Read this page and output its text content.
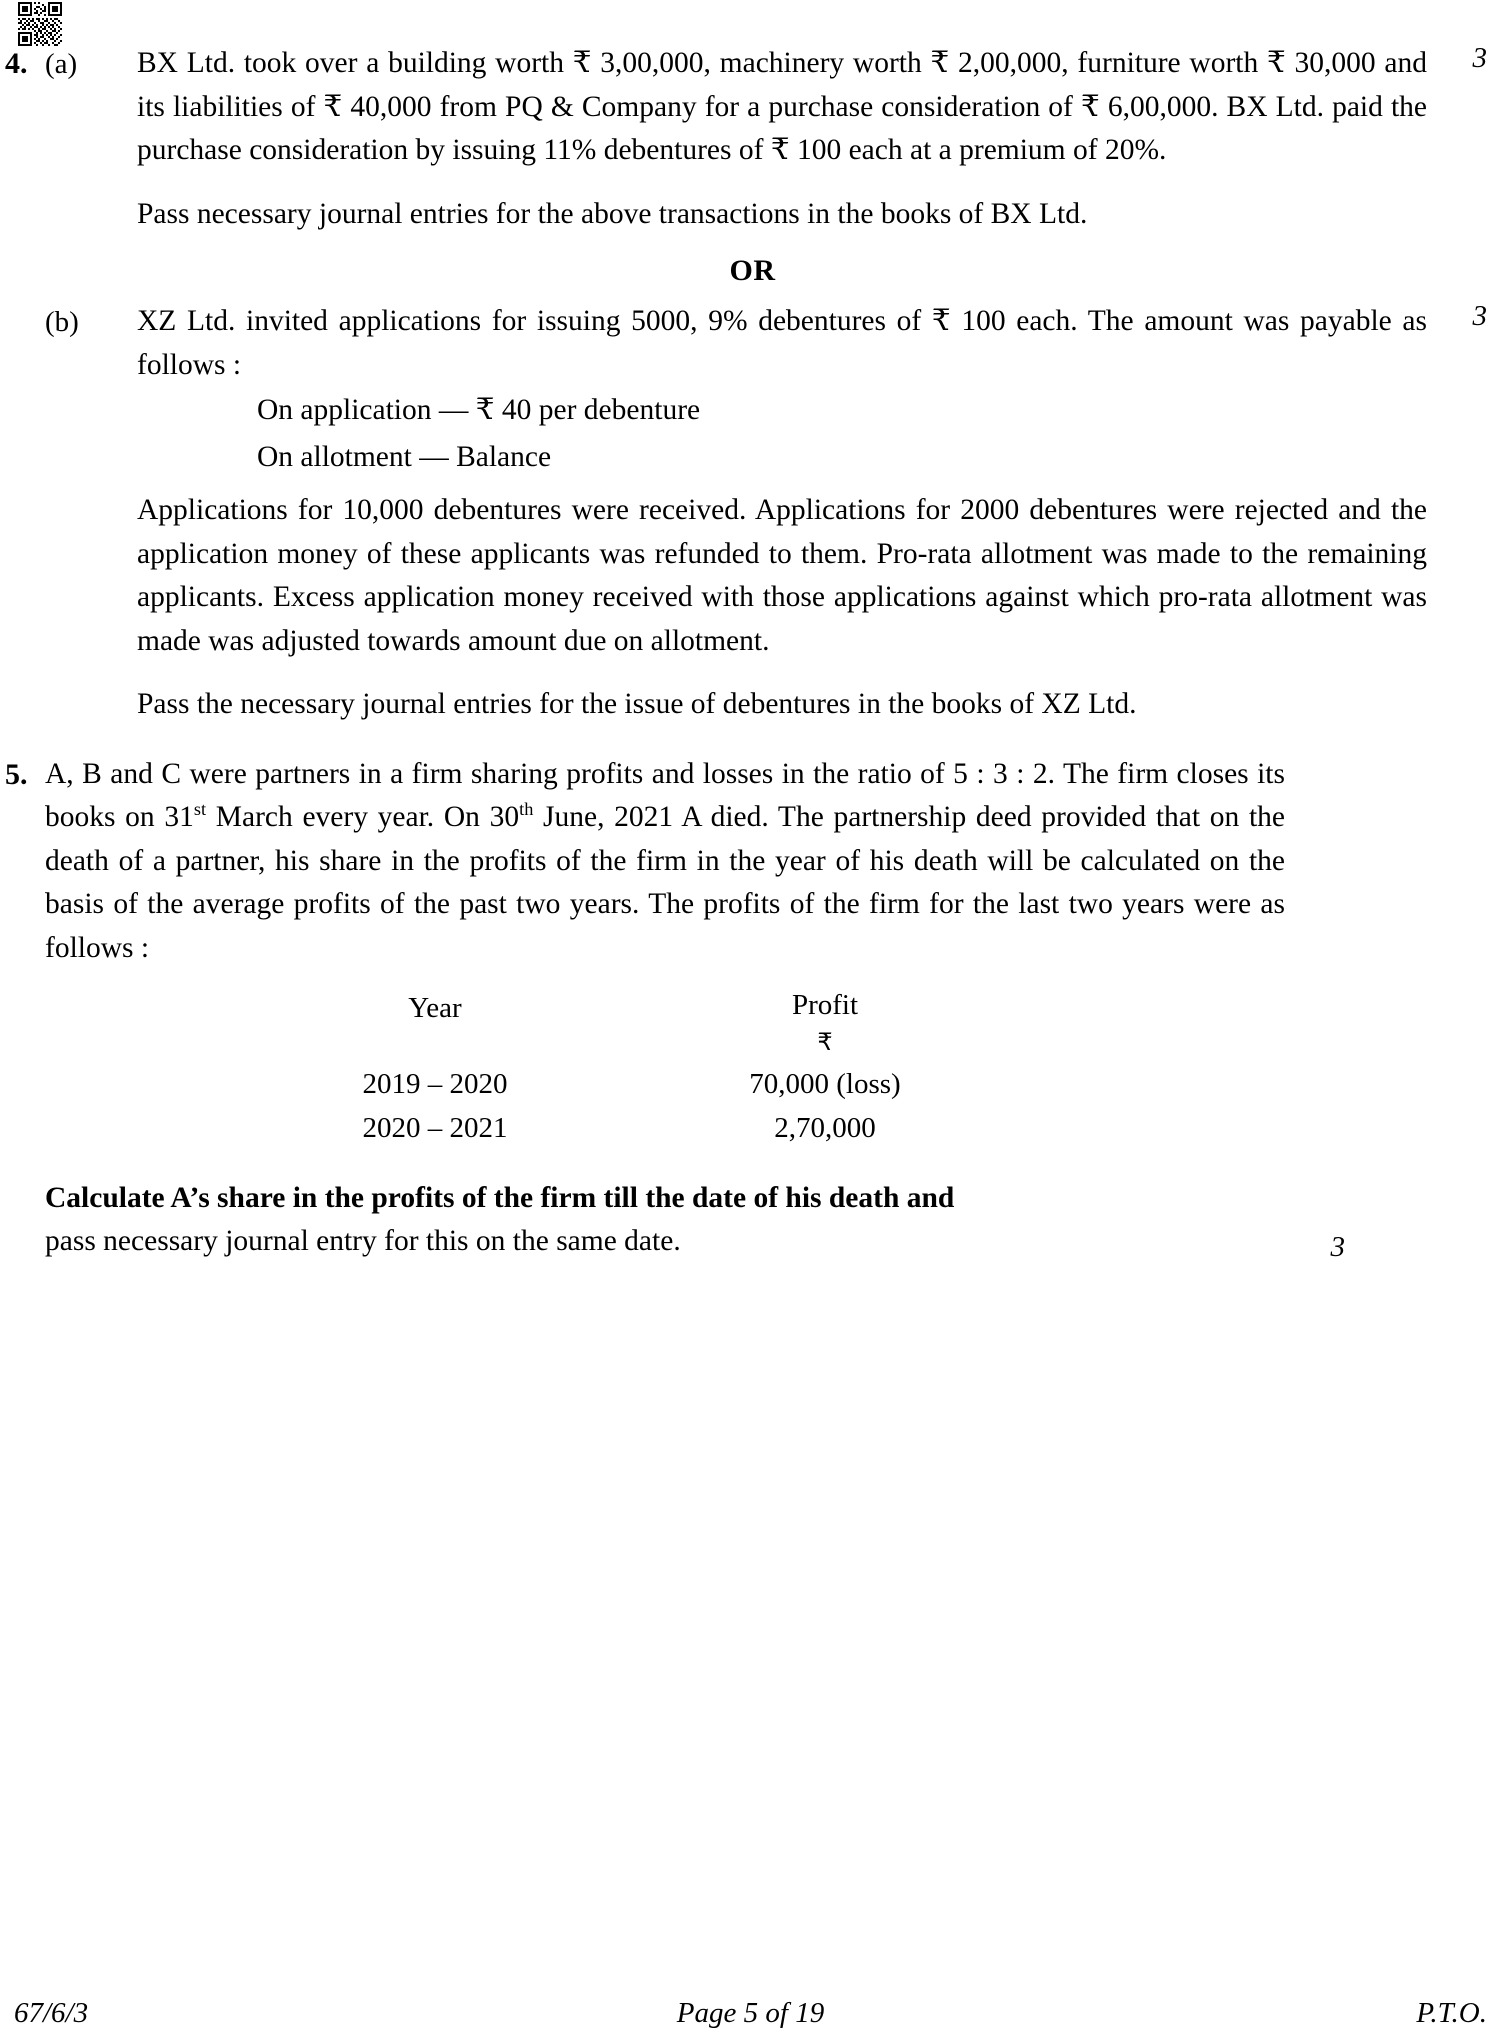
4. (a)	BX Ltd. took over a building worth ₹ 3,00,000, machinery worth ₹ 2,00,000, furniture worth ₹ 30,000 and its liabilities of ₹ 40,000 from PQ & Company for a purchase consideration of ₹ 6,00,000. BX Ltd. paid the purchase consideration by issuing 11% debentures of ₹ 100 each at a premium of 20%.

Pass necessary journal entries for the above transactions in the books of BX Ltd.

3
OR
(b)	XZ Ltd. invited applications for issuing 5000, 9% debentures of ₹ 100 each. The amount was payable as follows :

On application — ₹ 40 per debenture

On allotment — Balance

Applications for 10,000 debentures were received. Applications for 2000 debentures were rejected and the application money of these applicants was refunded to them. Pro-rata allotment was made to the remaining applicants. Excess application money received with those applications against which pro-rata allotment was made was adjusted towards amount due on allotment.

Pass the necessary journal entries for the issue of debentures in the books of XZ Ltd.

3
5. A, B and C were partners in a firm sharing profits and losses in the ratio of 5 : 3 : 2. The firm closes its books on 31st March every year. On 30th June, 2021 A died. The partnership deed provided that on the death of a partner, his share in the profits of the firm in the year of his death will be calculated on the basis of the average profits of the past two years. The profits of the firm for the last two years were as follows :

Year	Profit
₹
2019 – 2020	70,000 (loss)
2020 – 2021	2,70,000

Calculate A’s share in the profits of the firm till the date of his death and

pass necessary journal entry for this on the same date.	3
67/6/3	Page 5 of 19	P.T.O.
